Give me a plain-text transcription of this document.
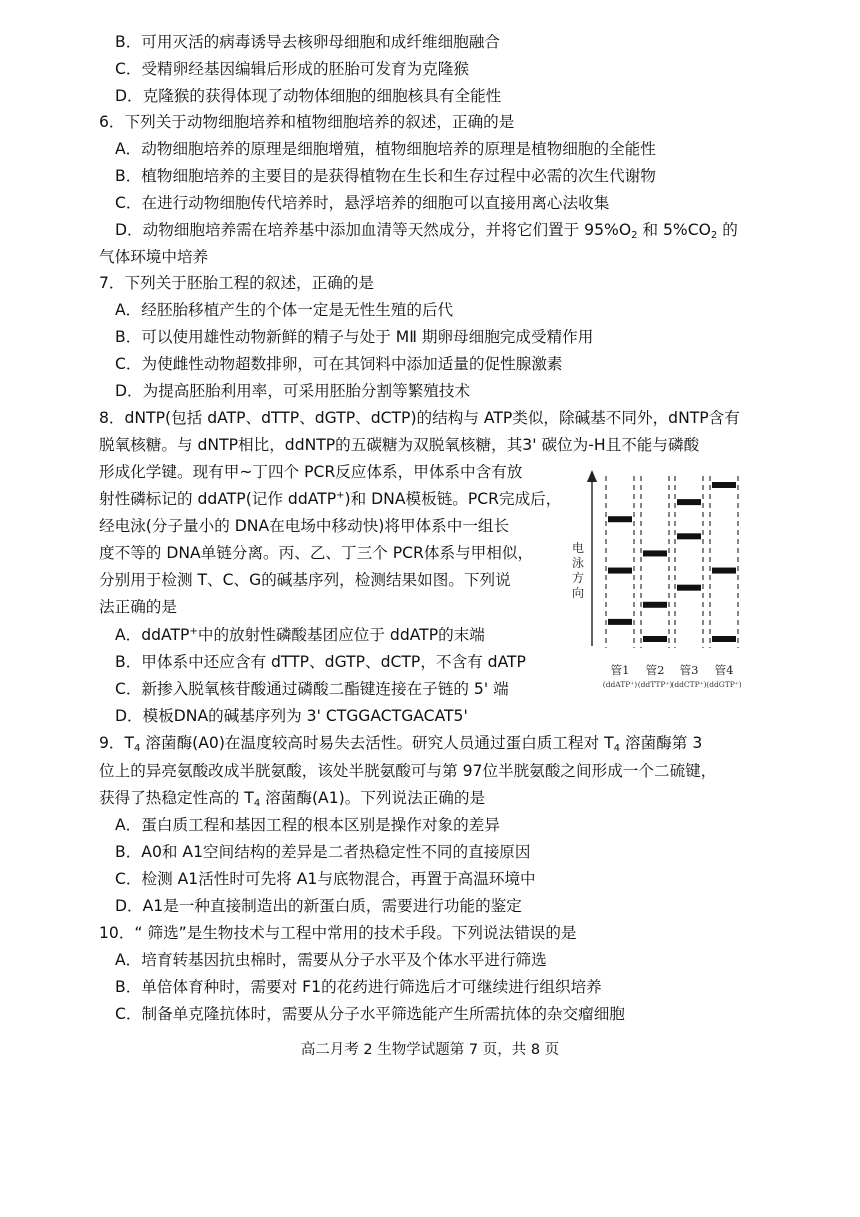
B．可用灭活的病毒诱导去核卵母细胞和成纤维细胞融合

C．受精卵经基因编辑后形成的胚胎可发育为克隆猴

D．克隆猴的获得体现了动物体细胞的细胞核具有全能性

6．下列关于动物细胞培养和植物细胞培养的叙述，正确的是

A．动物细胞培养的原理是细胞增殖，植物细胞培养的原理是植物细胞的全能性

B．植物细胞培养的主要目的是获得植物在生长和生存过程中必需的次生代谢物

C．在进行动物细胞传代培养时，悬浮培养的细胞可以直接用离心法收集

D．动物细胞培养需在培养基中添加血清等天然成分，并将它们置于 $95\%O_2$ 和 $5\%CO_2$ 的

气体环境中培养

7．下列关于胚胎工程的叙述，正确的是

A．经胚胎移植产生的个体一定是无性生殖的后代

B．可以使用雄性动物新鲜的精子与处于 MⅡ 期卵母细胞完成受精作用

C．为使雌性动物超数排卵，可在其饲料中添加适量的促性腺激素

D．为提高胚胎利用率，可采用胚胎分割等繁殖技术

8．dNTP(包括 dATP、dTTP、dGTP、dCTP)的结构与 ATP类似，除碱基不同外，dNTP含有

脱氧核糖。与 dNTP相比，ddNTP的五碳糖为双脱氧核糖，其3' 碳位为-H且不能与磷酸

形成化学键。现有甲~丁四个 PCR反应体系，甲体系中含有放

射性磷标记的 ddATP(记作 ddATP+)和 DNA模板链。PCR完成后，

经电泳(分子量小的 DNA在电场中移动快)将甲体系中一组长

度不等的 DNA单链分离。丙、乙、丁三个 PCR体系与甲相似，

分别用于检测 T、C、G的碱基序列，检测结果如图。下列说

法正确的是

A．ddATP+中的放射性磷酸基团应位于 ddATP的末端

B．甲体系中还应含有 dTTP、dGTP、dCTP，不含有 dATP

C．新掺入脱氧核苷酸通过磷酸二酯键连接在子链的 5' 端

D．模板DNA的碱基序列为 3' CTGGACTGACAT5'

电
泳
方
向
管1
(ddATP⁺)
管2
(ddTTP⁺)
管3
(ddCTP⁺)
管4
(ddGTP⁺)

9．$T_4$ 溶菌酶(A0)在温度较高时易失去活性。研究人员通过蛋白质工程对 $T_4$ 溶菌酶第 3

位上的异亮氨酸改成半胱氨酸，该处半胱氨酸可与第 97位半胱氨酸之间形成一个二硫键，

获得了热稳定性高的 $T_4$ 溶菌酶(A1)。下列说法正确的是

A．蛋白质工程和基因工程的根本区别是操作对象的差异

B．A0和 A1空间结构的差异是二者热稳定性不同的直接原因

C．检测 A1活性时可先将 A1与底物混合，再置于高温环境中

D．A1是一种直接制造出的新蛋白质，需要进行功能的鉴定

10．“ 筛选”是生物技术与工程中常用的技术手段。下列说法错误的是

A．培育转基因抗虫棉时，需要从分子水平及个体水平进行筛选

B．单倍体育种时，需要对 F1的花药进行筛选后才可继续进行组织培养

C．制备单克隆抗体时，需要从分子水平筛选能产生所需抗体的杂交瘤细胞

高二月考 2 生物学试题第 7 页，共 8 页
